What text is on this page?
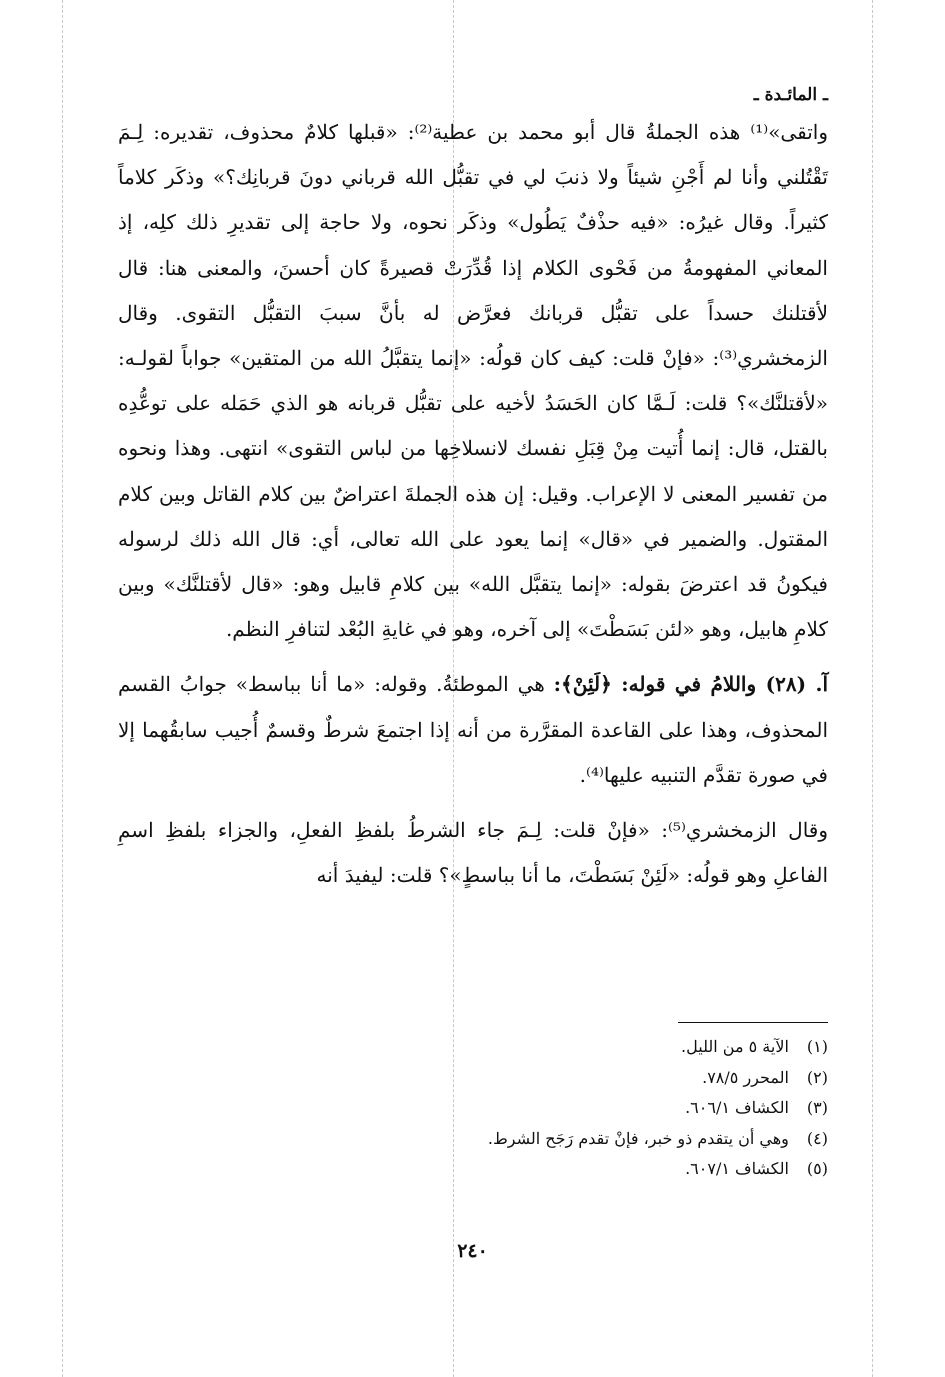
ـ المائـدة ـ

واتقى»⁽¹⁾ هذه الجملةُ قال أبو محمد بن عطية⁽²⁾: «قبلها كلامٌ محذوف، تقديره: لِـمَ تَقْتُلني وأنا لم أَجْنِ شيئاً ولا ذنبَ لي في تقبُّل الله قرباني دونَ قربانِك؟» وذكَر كلاماً كثيراً. وقال غيرُه: «فيه حذْفٌ يَطُول» وذكَر نحوه، ولا حاجة إلى تقديرِ ذلك كلِه، إذ المعاني المفهومةُ من فَحْوى الكلام إذا قُدِّرَتْ قصيرةً كان أحسنَ، والمعنى هنا: قال لأقتلنك حسداً على تقبُّل قربانك فعرَّض له بأنَّ سببَ التقبُّل التقوى. وقال الزمخشري⁽³⁾: «فإنْ قلت: كيف كان قولُه: «إنما يتقبَّلُ الله من المتقين» جواباً لقولـه: «لأقتلنَّك»؟ قلت: لَـمَّا كان الحَسَدُ لأخيه على تقبُّل قربانه هو الذي حَمَله على توعُّدِه بالقتل، قال: إنما أُتيت مِنْ قِبَلِ نفسك لانسلاخِها من لباس التقوى» انتهى. وهذا ونحوه من تفسير المعنى لا الإعراب. وقيل: إن هذه الجملةَ اعتراضٌ بين كلام القاتل وبين كلام المقتول. والضمير في «قال» إنما يعود على الله تعالى، أي: قال الله ذلك لرسوله فيكونُ قد اعترضَ بقوله: «إنما يتقبَّل الله» بين كلامِ قابيل وهو: «قال لأقتلنَّك» وبين كلامِ هابيل، وهو «لئن بَسَطْتَ» إلى آخره، وهو في غايةِ البُعْد لتنافرِ النظم.

آ. (٢٨) واللامُ في قوله: ﴿لَئِنْ﴾: هي الموطئةُ. وقوله: «ما أنا بباسط» جوابُ القسم المحذوف، وهذا على القاعدة المقرَّرة من أنه إذا اجتمعَ شرطٌ وقسمٌ أُجيب سابقُهما إلا في صورة تقدَّم التنبيه عليها⁽⁴⁾.

وقال الزمخشري⁽⁵⁾: «فإنْ قلت: لِـمَ جاء الشرطُ بلفظِ الفعلِ، والجزاء بلفظِ اسمِ الفاعلِ وهو قولُه: «لَئِنْ بَسَطْتَ، ما أنا بباسطٍ»؟ قلت: ليفيدَ أنه

(١) الآية ٥ من الليل.

(٢) المحرر ٧٨/٥.

(٣) الكشاف ٦٠٦/١.

(٤) وهي أن يتقدم ذو خبر، فإنْ تقدم رَجَح الشرط.

(٥) الكشاف ٦٠٧/١.

٢٤٠
